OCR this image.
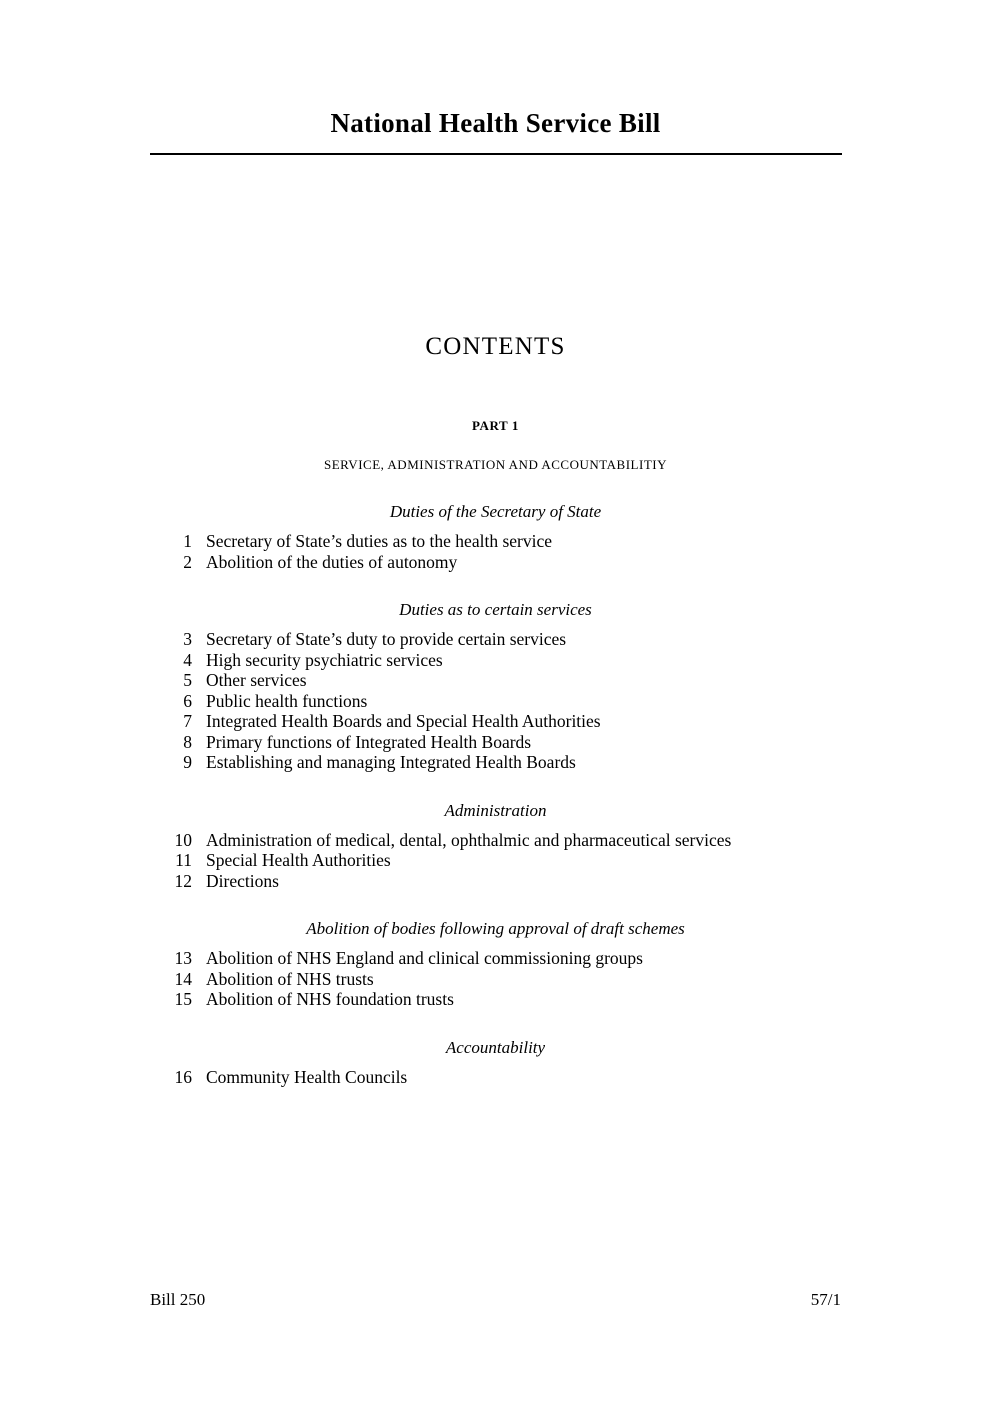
National Health Service Bill
CONTENTS
PART 1
SERVICE, ADMINISTRATION AND ACCOUNTABILITIY
Duties of the Secretary of State
1 Secretary of State’s duties as to the health service
2 Abolition of the duties of autonomy
Duties as to certain services
3 Secretary of State’s duty to provide certain services
4 High security psychiatric services
5 Other services
6 Public health functions
7 Integrated Health Boards and Special Health Authorities
8 Primary functions of Integrated Health Boards
9 Establishing and managing Integrated Health Boards
Administration
10 Administration of medical, dental, ophthalmic and pharmaceutical services
11 Special Health Authorities
12 Directions
Abolition of bodies following approval of draft schemes
13 Abolition of NHS England and clinical commissioning groups
14 Abolition of NHS trusts
15 Abolition of NHS foundation trusts
Accountability
16 Community Health Councils
Bill 250	57/1
